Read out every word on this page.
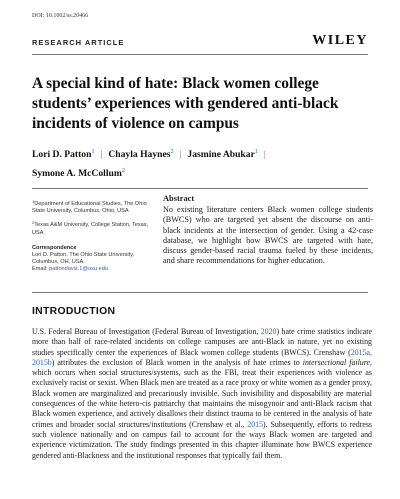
DOI: 10.1002/ss.20466
RESEARCH ARTICLE	WILEY
A special kind of hate: Black women college students’ experiences with gendered anti-black incidents of violence on campus
Lori D. Patton$^1$ | Chayla Haynes$^2$ | Jasmine Abukar$^1$ |
Symone A. McCollum$^2$
$^1$Department of Educational Studies, The Ohio State University, Columbus, Ohio, USA
$^2$Texas A&M University, College Station, Texas, USA
Correspondence
Lori D. Patton, The Ohio State University, Columbus, OH, USA.
Email: pattondavis.1@osu.edu
Abstract
No existing literature centers Black women college students (BWCS) who are targeted yet absent the discourse on anti-black incidents at the intersection of gender. Using a 42-case database, we highlight how BWCS are targeted with hate, discuss gender-based racial trauma fueled by these incidents, and share recommendations for higher education.
INTRODUCTION
U.S. Federal Bureau of Investigation (Federal Bureau of Investigation, 2020) hate crime statistics indicate more than half of race-related incidents on college campuses are anti-Black in nature, yet no existing studies specifically center the experiences of Black women college students (BWCS). Crenshaw (2015a, 2015b) attributes the exclusion of Black women in the analysis of hate crimes to intersectional failure, which occurs when social structures/systems, such as the FBI, treat their experiences with violence as exclusively racist or sexist. When Black men are treated as a race proxy or white women as a gender proxy, Black women are marginalized and precariously invisible. Such invisibility and disposability are material consequences of the white hetero-cis patriarchy that maintains the misogynoir and anti-Black racism that Black women experience, and actively disallows their distinct trauma to be centered in the analysis of hate crimes and broader social structures/institutions (Crenshaw et al., 2015). Subsequently, efforts to redress such violence nationally and on campus fail to account for the ways Black women are targeted and experience victimization. The study findings presented in this chapter illuminate how BWCS experience gendered anti-Blackness and the institutional responses that typically fail them.
